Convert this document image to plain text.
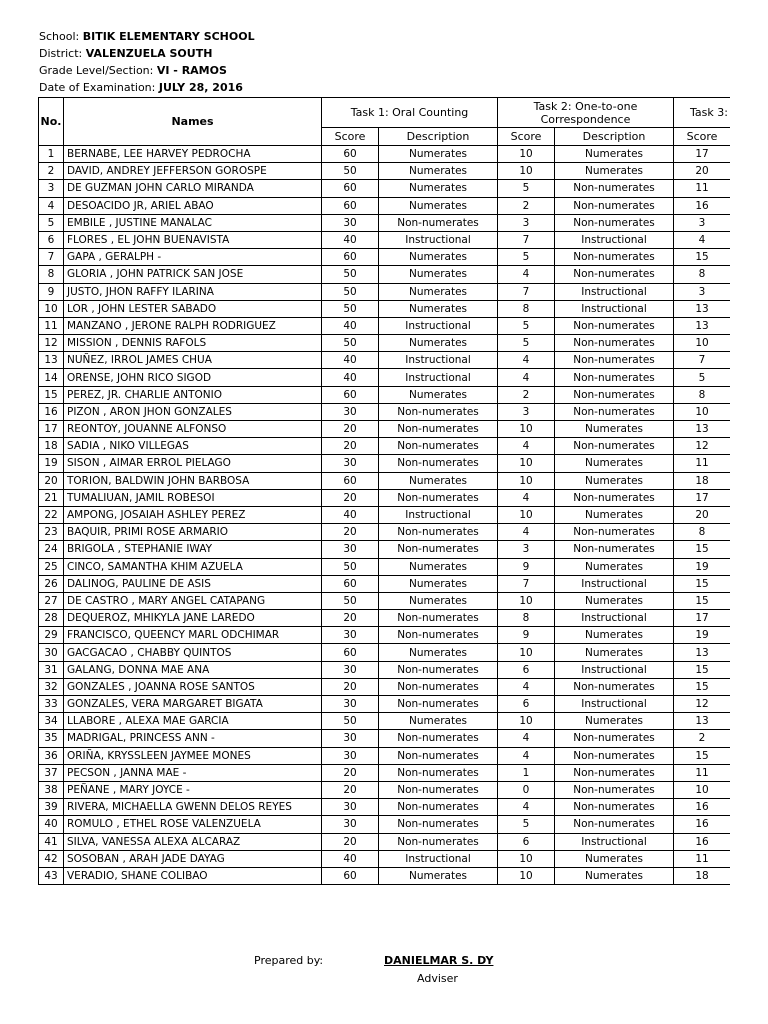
School: BITIK ELEMENTARY SCHOOL
District: VALENZUELA SOUTH
Grade Level/Section: VI - RAMOS
Date of Examination: JULY 28, 2016
No.	Names	Task 1: Oral Counting		Task 2: One-to-one Correspondence		Task 3:	
		Score	Description	Score	Description	Score	
1	BERNABE, LEE HARVEY PEDROCHA	60	Numerates	10	Numerates	17	
2	DAVID, ANDREY JEFFERSON GOROSPE	50	Numerates	10	Numerates	20	
3	DE GUZMAN JOHN CARLO MIRANDA	60	Numerates	5	Non-numerates	11	
4	DESOACIDO JR, ARIEL ABAO	60	Numerates	2	Non-numerates	16	
5	EMBILE , JUSTINE MANALAC	30	Non-numerates	3	Non-numerates	3	
6	FLORES , EL JOHN BUENAVISTA	40	Instructional	7	Instructional	4	
7	GAPA , GERALPH -	60	Numerates	5	Non-numerates	15	
8	GLORIA , JOHN PATRICK SAN JOSE	50	Numerates	4	Non-numerates	8	
9	JUSTO, JHON RAFFY ILARINA	50	Numerates	7	Instructional	3	
10	LOR , JOHN LESTER SABADO	50	Numerates	8	Instructional	13	
11	MANZANO , JERONE RALPH RODRIGUEZ	40	Instructional	5	Non-numerates	13	
12	MISSION , DENNIS RAFOLS	50	Numerates	5	Non-numerates	10	
13	NUÑEZ, IRROL JAMES CHUA	40	Instructional	4	Non-numerates	7	
14	ORENSE, JOHN RICO SIGOD	40	Instructional	4	Non-numerates	5	
15	PEREZ, JR. CHARLIE ANTONIO	60	Numerates	2	Non-numerates	8	
16	PIZON , ARON JHON GONZALES	30	Non-numerates	3	Non-numerates	10	
17	REONTOY, JOUANNE ALFONSO	20	Non-numerates	10	Numerates	13	
18	SADIA , NIKO VILLEGAS	20	Non-numerates	4	Non-numerates	12	
19	SISON , AIMAR ERROL PIELAGO	30	Non-numerates	10	Numerates	11	
20	TORION, BALDWIN JOHN BARBOSA	60	Numerates	10	Numerates	18	
21	TUMALIUAN, JAMIL ROBESOI	20	Non-numerates	4	Non-numerates	17	
22	AMPONG, JOSAIAH ASHLEY PEREZ	40	Instructional	10	Numerates	20	
23	BAQUIR, PRIMI ROSE ARMARIO	20	Non-numerates	4	Non-numerates	8	
24	BRIGOLA , STEPHANIE IWAY	30	Non-numerates	3	Non-numerates	15	
25	CINCO, SAMANTHA KHIM AZUELA	50	Numerates	9	Numerates	19	
26	DALINOG, PAULINE DE ASIS	60	Numerates	7	Instructional	15	
27	DE CASTRO , MARY ANGEL CATAPANG	50	Numerates	10	Numerates	15	
28	DEQUEROZ, MHIKYLA JANE LAREDO	20	Non-numerates	8	Instructional	17	
29	FRANCISCO, QUEENCY MARL ODCHIMAR	30	Non-numerates	9	Numerates	19	
30	GACGACAO , CHABBY QUINTOS	60	Numerates	10	Numerates	13	
31	GALANG, DONNA MAE ANA	30	Non-numerates	6	Instructional	15	
32	GONZALES , JOANNA ROSE SANTOS	20	Non-numerates	4	Non-numerates	15	
33	GONZALES, VERA MARGARET BIGATA	30	Non-numerates	6	Instructional	12	
34	LLABORE , ALEXA MAE GARCIA	50	Numerates	10	Numerates	13	
35	MADRIGAL, PRINCESS ANN -	30	Non-numerates	4	Non-numerates	2	
36	ORIÑA, KRYSSLEEN JAYMEE MONES	30	Non-numerates	4	Non-numerates	15	
37	PECSON , JANNA MAE -	20	Non-numerates	1	Non-numerates	11	
38	PEÑANE , MARY JOYCE -	20	Non-numerates	0	Non-numerates	10	
39	RIVERA, MICHAELLA GWENN DELOS REYES	30	Non-numerates	4	Non-numerates	16	
40	ROMULO , ETHEL ROSE VALENZUELA	30	Non-numerates	5	Non-numerates	16	
41	SILVA, VANESSA ALEXA ALCARAZ	20	Non-numerates	6	Instructional	16	
42	SOSOBAN , ARAH JADE DAYAG	40	Instructional	10	Numerates	11	
43	VERADIO, SHANE COLIBAO	60	Numerates	10	Numerates	18	
Prepared by:	DANIELMAR S. DY
Adviser
